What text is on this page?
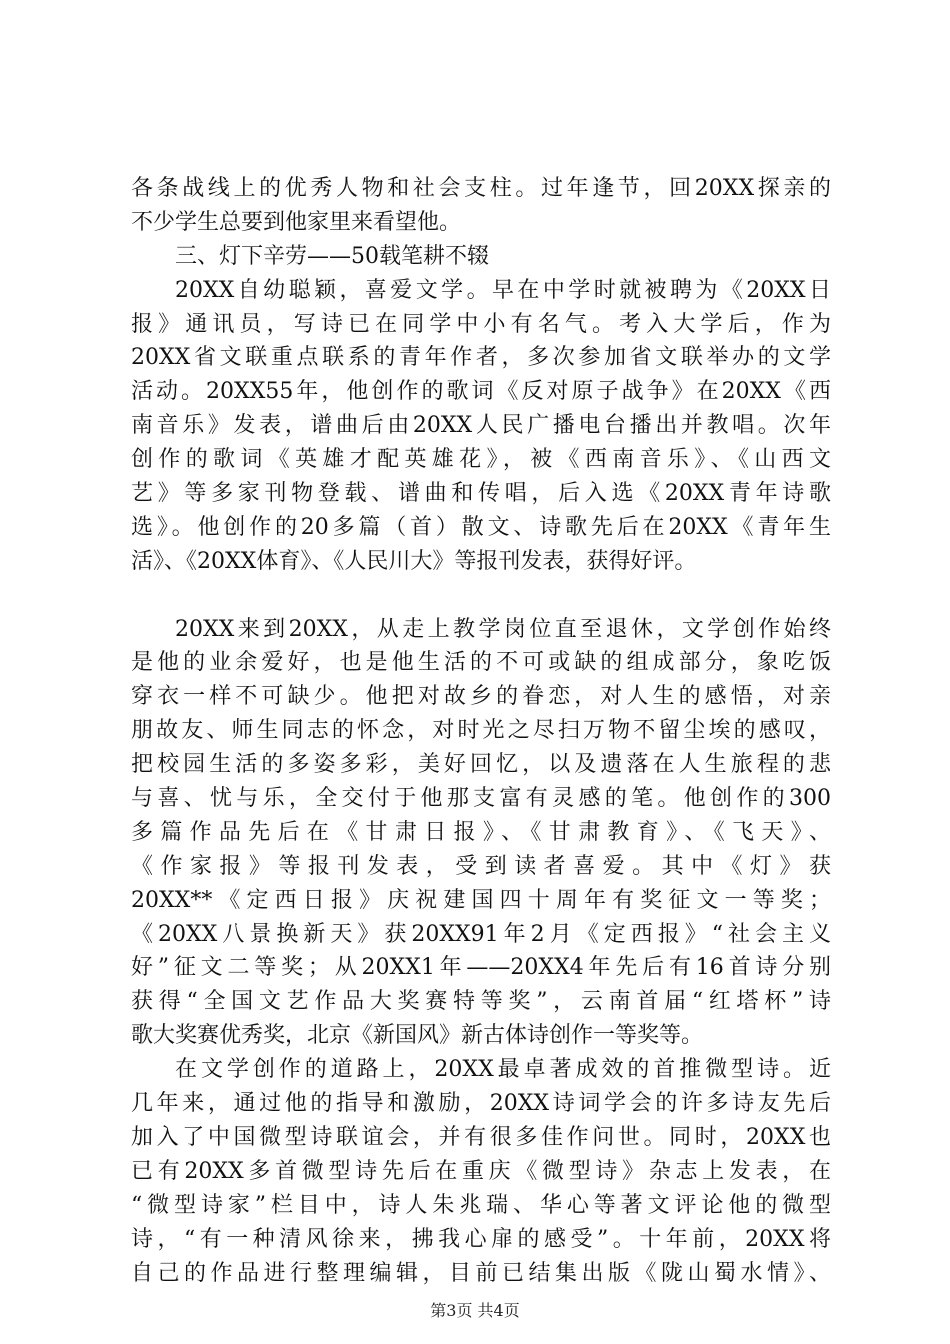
各条战线上的优秀人物和社会支柱。过年逢节，回20XX探亲的
不少学生总要到他家里来看望他。
三、灯下辛劳——50载笔耕不辍
20XX自幼聪颖，喜爱文学。早在中学时就被聘为《20XX日
报》通讯员，写诗已在同学中小有名气。考入大学后，作为
20XX省文联重点联系的青年作者，多次参加省文联举办的文学
活动。20XX55年，他创作的歌词《反对原子战争》在20XX《西
南音乐》发表，谱曲后由20XX人民广播电台播出并教唱。次年
创作的歌词《英雄才配英雄花》，被《西南音乐》、《山西文
艺》等多家刊物登载、谱曲和传唱，后入选《20XX青年诗歌
选》。他创作的20多篇（首）散文、诗歌先后在20XX《青年生
活》、《20XX体育》、《人民川大》等报刊发表，获得好评。
20XX来到20XX，从走上教学岗位直至退休，文学创作始终
是他的业余爱好，也是他生活的不可或缺的组成部分，象吃饭
穿衣一样不可缺少。他把对故乡的眷恋，对人生的感悟，对亲
朋故友、师生同志的怀念，对时光之尽扫万物不留尘埃的感叹，
把校园生活的多姿多彩，美好回忆，以及遗落在人生旅程的悲
与喜、忧与乐，全交付于他那支富有灵感的笔。他创作的300
多篇作品先后在《甘肃日报》、《甘肃教育》、《飞天》、
《作家报》等报刊发表，受到读者喜爱。其中《灯》获
20XX**《定西日报》庆祝建国四十周年有奖征文一等奖；
《20XX八景换新天》获20XX91年2月《定西报》“社会主义
好”征文二等奖；从20XX1年——20XX4年先后有16首诗分别
获得“全国文艺作品大奖赛特等奖”，云南首届“红塔杯”诗
歌大奖赛优秀奖，北京《新国风》新古体诗创作一等奖等。
在文学创作的道路上，20XX最卓著成效的首推微型诗。近
几年来，通过他的指导和激励，20XX诗词学会的许多诗友先后
加入了中国微型诗联谊会，并有很多佳作问世。同时，20XX也
已有20XX多首微型诗先后在重庆《微型诗》杂志上发表，在
“微型诗家”栏目中，诗人朱兆瑞、华心等著文评论他的微型
诗，“有一种清风徐来，拂我心扉的感受”。十年前，20XX将
自己的作品进行整理编辑，目前已结集出版《陇山蜀水情》、
第3页 共4页
